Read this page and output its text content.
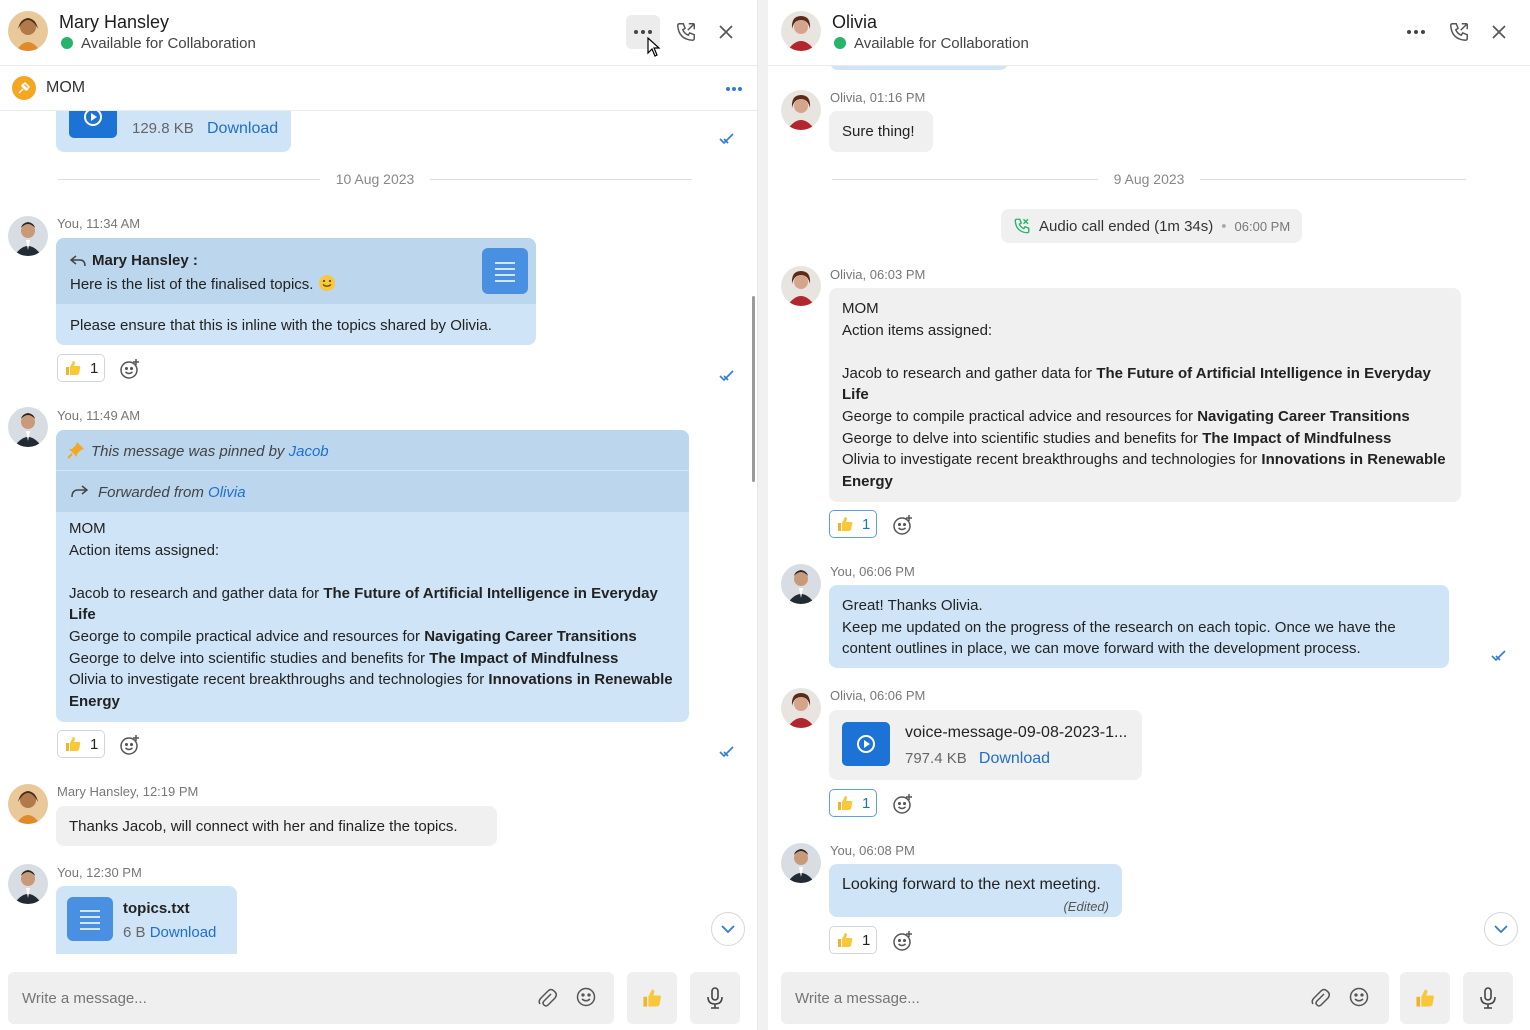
Mary Hansley
Available for Collaboration
MOM
129.8 KB Download
10 Aug 2023
You, 11:34 AM
Mary Hansley :
Here is the list of the finalised topics.
Please ensure that this is inline with the topics shared by Olivia.
1
You, 11:49 AM
This message was pinned by Jacob
Forwarded from Olivia
MOM
Action items assigned:
Jacob to research and gather data for The Future of Artificial Intelligence in Everyday Life
George to compile practical advice and resources for Navigating Career Transitions
George to delve into scientific studies and benefits for The Impact of Mindfulness
Olivia to investigate recent breakthroughs and technologies for Innovations in Renewable Energy
1
Mary Hansley, 12:19 PM
Thanks Jacob, will connect with her and finalize the topics.
You, 12:30 PM
topics.txt
6 B Download
Write a message...
Olivia
Available for Collaboration
Olivia, 01:16 PM
Sure thing!
9 Aug 2023
Audio call ended (1m 34s) • 06:00 PM
Olivia, 06:03 PM
MOM
Action items assigned:
Jacob to research and gather data for The Future of Artificial Intelligence in Everyday Life
George to compile practical advice and resources for Navigating Career Transitions
George to delve into scientific studies and benefits for The Impact of Mindfulness
Olivia to investigate recent breakthroughs and technologies for Innovations in Renewable Energy
1
You, 06:06 PM
Great! Thanks Olivia.
Keep me updated on the progress of the research on each topic. Once we have the content outlines in place, we can move forward with the development process.
Olivia, 06:06 PM
voice-message-09-08-2023-1...
797.4 KB Download
1
You, 06:08 PM
Looking forward to the next meeting.
(Edited)
1
Write a message...
